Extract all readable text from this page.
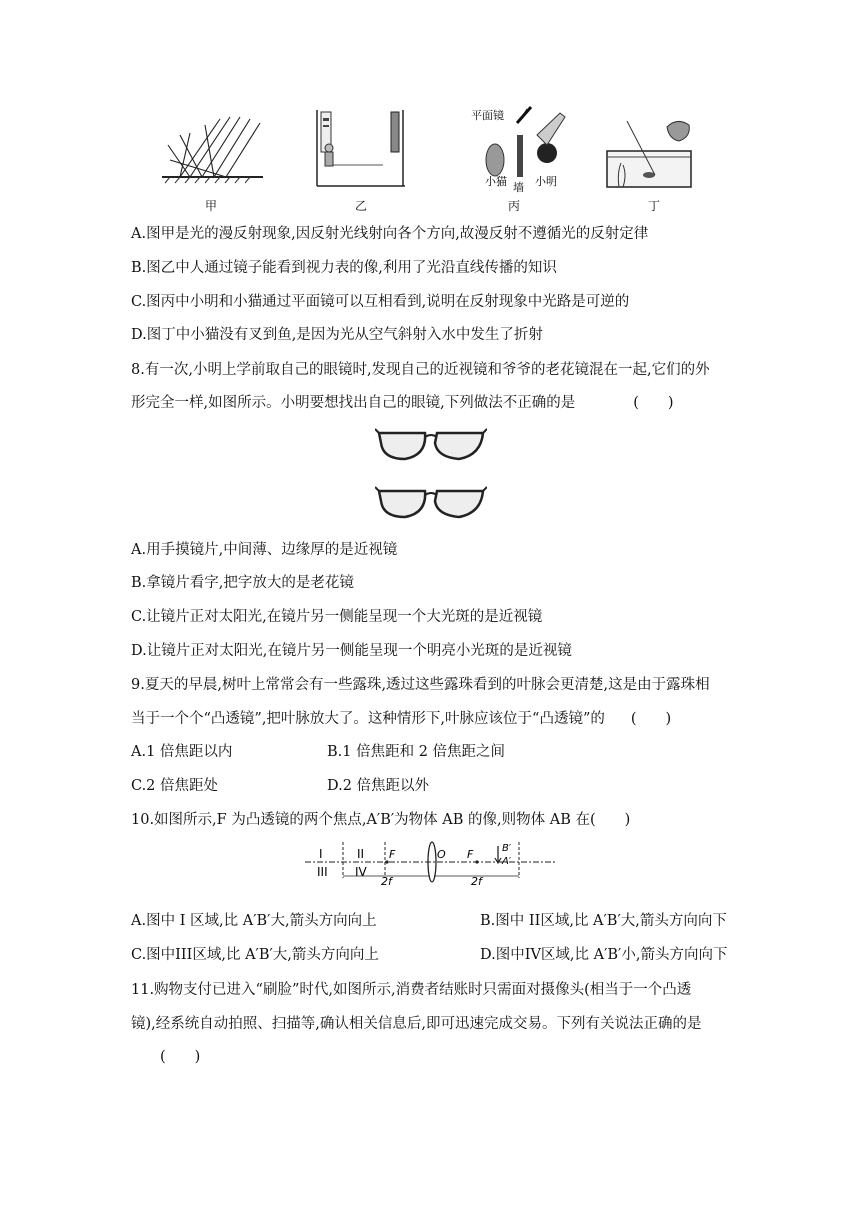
甲	乙
平面镜
墙
小猫	小明
丙	丁
A.图甲是光的漫反射现象,因反射光线射向各个方向,故漫反射不遵循光的反射定律
B.图乙中人通过镜子能看到视力表的像,利用了光沿直线传播的知识
C.图丙中小明和小猫通过平面镜可以互相看到,说明在反射现象中光路是可逆的
D.图丁中小猫没有叉到鱼,是因为光从空气斜射入水中发生了折射
8.有一次,小明上学前取自己的眼镜时,发现自己的近视镜和爷爷的老花镜混在一起,它们的外
形完全一样,如图所示。小明要想找出自己的眼镜,下列做法不正确的是	(　　)
A.用手摸镜片,中间薄、边缘厚的是近视镜
B.拿镜片看字,把字放大的是老花镜
C.让镜片正对太阳光,在镜片另一侧能呈现一个大光斑的是近视镜
D.让镜片正对太阳光,在镜片另一侧能呈现一个明亮小光斑的是近视镜
9.夏天的早晨,树叶上常常会有一些露珠,透过这些露珠看到的叶脉会更清楚,这是由于露珠相
当于一个个“凸透镜”,把叶脉放大了。这种情形下,叶脉应该位于“凸透镜”的 (　　)
A.1 倍焦距以内	B.1 倍焦距和 2 倍焦距之间
C.2 倍焦距处	D.2 倍焦距以外
10.如图所示,F 为凸透镜的两个焦点,A′B′为物体 AB 的像,则物体 AB 在(　　)
I	II
III IV
F	O F	B′
A′
2f	2f
A.图中 I 区域,比 A′B′大,箭头方向向上	B.图中 II区域,比 A′B′大,箭头方向向下
C.图中III区域,比 A′B′大,箭头方向向上	D.图中IV区域,比 A′B′小,箭头方向向下
11.购物支付已进入“刷脸”时代,如图所示,消费者结账时只需面对摄像头(相当于一个凸透
镜),经系统自动拍照、扫描等,确认相关信息后,即可迅速完成交易。下列有关说法正确的是
(　　)
